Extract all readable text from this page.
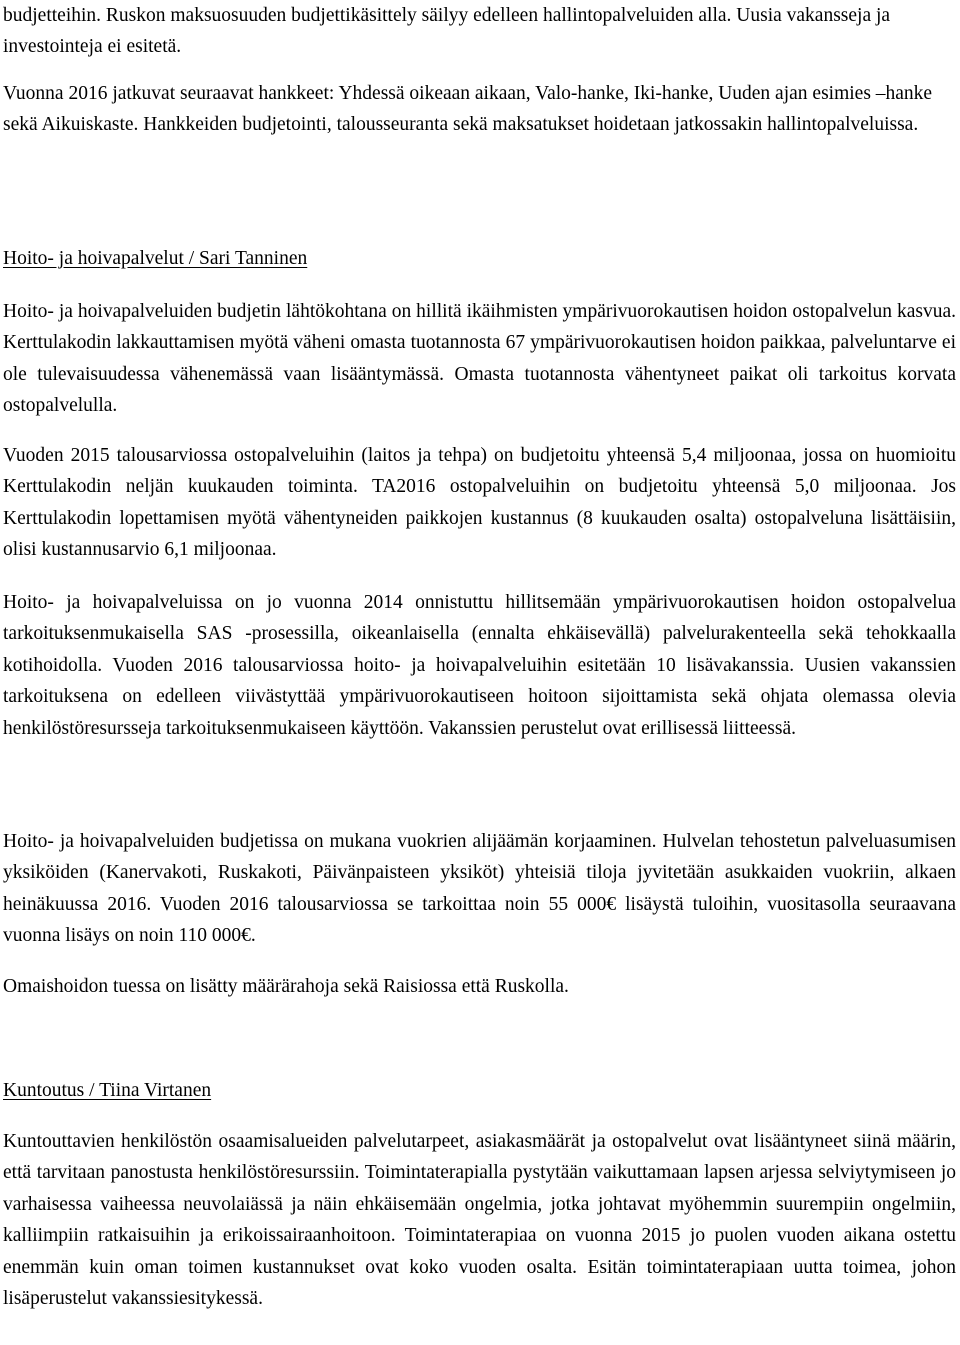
budjetteihin. Ruskon maksuosuuden budjettikäsittely säilyy edelleen hallintopalveluiden alla. Uusia vakansseja ja investointeja ei esitetä.

Vuonna 2016 jatkuvat seuraavat hankkeet: Yhdessä oikeaan aikaan, Valo-hanke, Iki-hanke, Uuden ajan esimies –hanke sekä Aikuiskaste. Hankkeiden budjetointi, talousseuranta sekä maksatukset hoidetaan jatkossakin hallintopalveluissa.

Hoito- ja hoivapalvelut / Sari Tanninen

Hoito- ja hoivapalveluiden budjetin lähtökohtana on hillitä ikäihmisten ympärivuorokautisen hoidon ostopalvelun kasvua. Kerttulakodin lakkauttamisen myötä väheni omasta tuotannosta 67 ympärivuorokautisen hoidon paikkaa, palveluntarve ei ole tulevaisuudessa vähenemässä vaan lisääntymässä. Omasta tuotannosta vähentyneet paikat oli tarkoitus korvata ostopalvelulla.

Vuoden 2015 talousarviossa ostopalveluihin (laitos ja tehpa) on budjetoitu yhteensä 5,4 miljoonaa, jossa on huomioitu Kerttulakodin neljän kuukauden toiminta. TA2016 ostopalveluihin on budjetoitu yhteensä 5,0 miljoonaa. Jos Kerttulakodin lopettamisen myötä vähentyneiden paikkojen kustannus (8 kuukauden osalta) ostopalveluna lisättäisiin, olisi kustannusarvio 6,1 miljoonaa.

Hoito- ja hoivapalveluissa on jo vuonna 2014 onnistuttu hillitsemään ympärivuorokautisen hoidon ostopalvelua tarkoituksenmukaisella SAS -prosessilla, oikeanlaisella (ennalta ehkäisevällä) palvelurakenteella sekä tehokkaalla kotihoidolla. Vuoden 2016 talousarviossa hoito- ja hoivapalveluihin esitetään 10 lisävakanssia. Uusien vakanssien tarkoituksena on edelleen viivästyttää ympärivuorokautiseen hoitoon sijoittamista sekä ohjata olemassa olevia henkilöstöresursseja tarkoituksenmukaiseen käyttöön. Vakanssien perustelut ovat erillisessä liitteessä.

Hoito- ja hoivapalveluiden budjetissa on mukana vuokrien alijäämän korjaaminen. Hulvelan tehostetun palveluasumisen yksiköiden (Kanervakoti, Ruskakoti, Päivänpaisteen yksiköt) yhteisiä tiloja jyvitetään asukkaiden vuokriin, alkaen heinäkuussa 2016. Vuoden 2016 talousarviossa se tarkoittaa noin 55 000€ lisäystä tuloihin, vuositasolla seuraavana vuonna lisäys on noin 110 000€.

Omaishoidon tuessa on lisätty määrärahoja sekä Raisiossa että Ruskolla.

Kuntoutus / Tiina Virtanen

Kuntouttavien henkilöstön osaamisalueiden palvelutarpeet, asiakasmäärät ja ostopalvelut ovat lisääntyneet siinä määrin, että tarvitaan panostusta henkilöstöresurssiin. Toimintaterapialla pystytään vaikuttamaan lapsen arjessa selviytymiseen jo varhaisessa vaiheessa neuvolaiässä ja näin ehkäisemään ongelmia, jotka johtavat myöhemmin suurempiin ongelmiin, kalliimpiin ratkaisuihin ja erikoissairaanhoitoon. Toimintaterapiaa on vuonna 2015 jo puolen vuoden aikana ostettu enemmän kuin oman toimen kustannukset ovat koko vuoden osalta. Esitän toimintaterapiaan uutta toimea, johon lisäperustelut vakanssiesitykessä.
